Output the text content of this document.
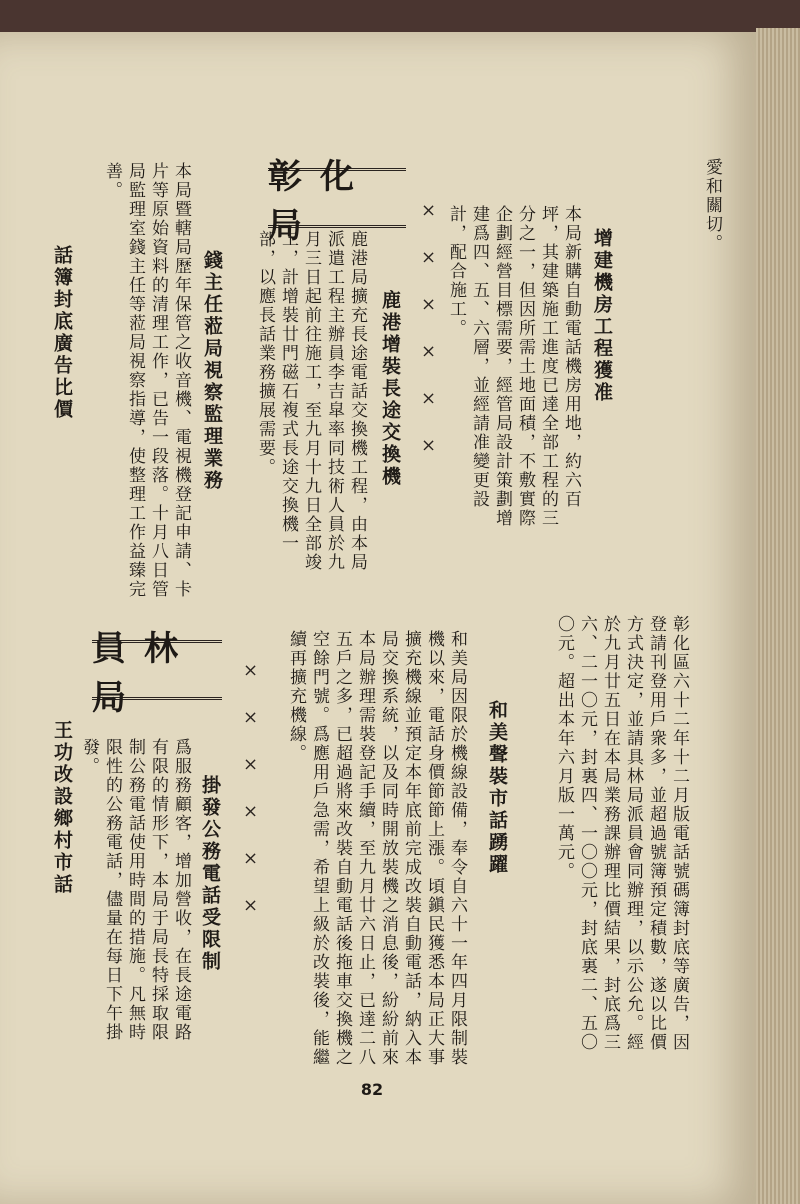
愛和關切。
增建機房工程獲准
本局新購自動電話機房用地，約六百坪，其建築施工進度已達全部工程的三分之一，但因所需土地面積，不敷實際企劃經營目標需要，經管局設計策劃增建爲四、五、六層，並經請准變更設計，配合施工。
××××××
彰化局
鹿港增裝長途交換機
鹿港局擴充長途電話交換機工程，由本局派遣工程主辦員李吉皐率同技術人員於九月三日起前往施工，至九月十九日全部竣工，計增裝廿門磁石複式長途交換機一部，以應長話業務擴展需要。
錢主任蒞局視察監理業務
本局暨轄局歷年保管之收音機、電視機登記申請、卡片等原始資料的清理工作，已告一段落。十月八日管局監理室錢主任等蒞局視察指導，使整理工作益臻完善。
話簿封底廣告比價
彰化區六十二年十二月版電話號碼簿封底等廣告，因登請刊登用戶衆多，並超過號簿預定積數，遂以比價方式決定，並請具林局派員會同辦理，以示公允。經於九月廿五日在本局業務課辦理比價結果，封底爲三六、二一〇元，封裏四、一〇〇元，封底裏二、五〇〇元。超出本年六月版一萬元。
和美聲裝市話踴躍
和美局因限於機線設備，奉令自六十一年四月限制裝機以來，電話身價節節上漲。頃鎭民獲悉本局正大事擴充機線並預定本年底前完成改裝自動電話，納入本局交換系統，以及同時開放裝機之消息後，紛紛前來本局辦理需裝登記手續，至九月廿六日止，已達二八五戶之多，已超過將來改裝自動電話後拖車交換機之空餘門號。爲應用戶急需，希望上級於改裝後，能繼續再擴充機線。
××××××
員林局
掛發公務電話受限制
爲服務顧客，增加營收，在長途電路有限的情形下，本局于局長特採取限制公務電話使用時間的措施。凡無時限性的公務電話，儘量在每日下午掛發。
王功改設鄉村市話
82
